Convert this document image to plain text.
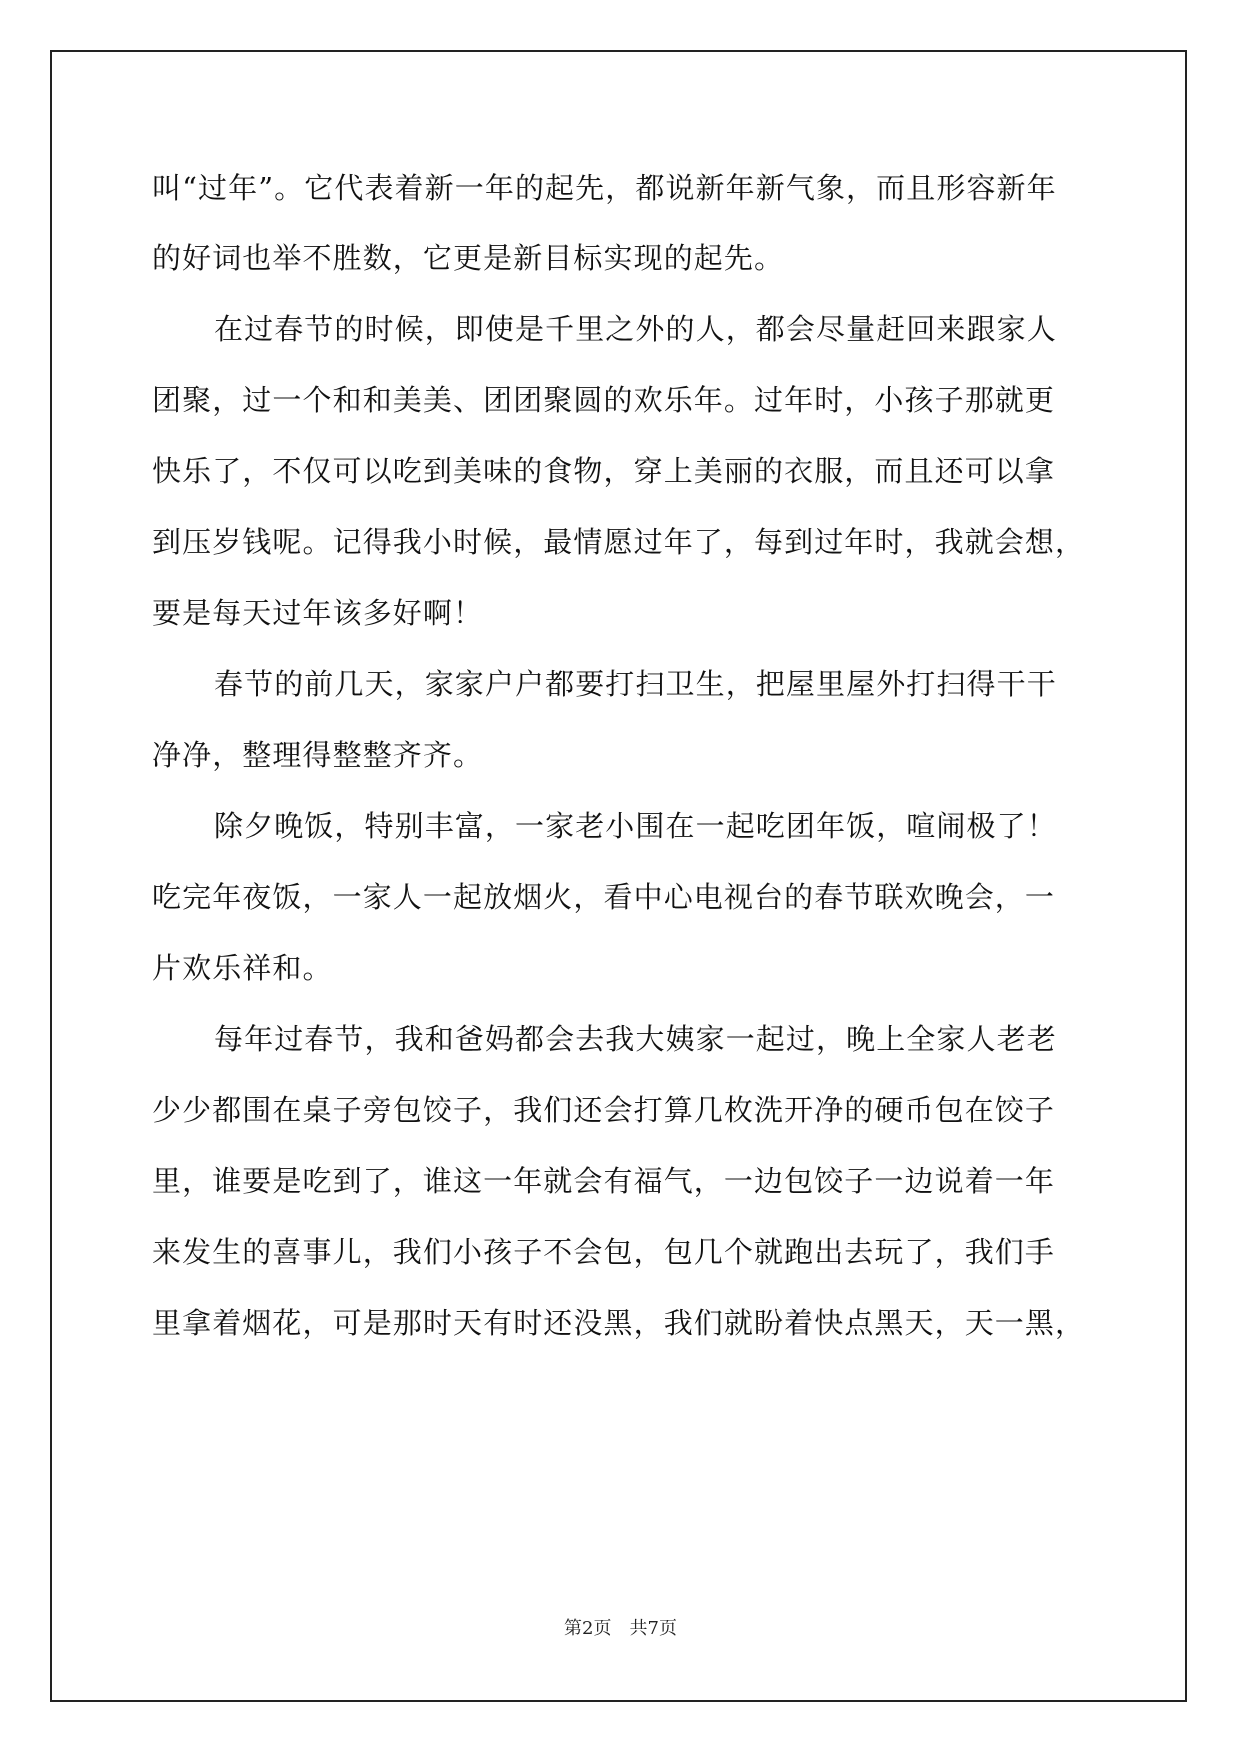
叫“过年”。它代表着新一年的起先，都说新年新气象，而且形容新年
的好词也举不胜数，它更是新目标实现的起先。
在过春节的时候，即使是千里之外的人，都会尽量赶回来跟家人
团聚，过一个和和美美、团团聚圆的欢乐年。过年时，小孩子那就更
快乐了，不仅可以吃到美味的食物，穿上美丽的衣服，而且还可以拿
到压岁钱呢。记得我小时候，最情愿过年了，每到过年时，我就会想，
要是每天过年该多好啊！
春节的前几天，家家户户都要打扫卫生，把屋里屋外打扫得干干
净净，整理得整整齐齐。
除夕晚饭，特别丰富，一家老小围在一起吃团年饭，喧闹极了！
吃完年夜饭，一家人一起放烟火，看中心电视台的春节联欢晚会，一
片欢乐祥和。
每年过春节，我和爸妈都会去我大姨家一起过，晚上全家人老老
少少都围在桌子旁包饺子，我们还会打算几枚洗开净的硬币包在饺子
里，谁要是吃到了，谁这一年就会有福气，一边包饺子一边说着一年
来发生的喜事儿，我们小孩子不会包，包几个就跑出去玩了，我们手
里拿着烟花，可是那时天有时还没黑，我们就盼着快点黑天，天一黑，
第2页 共7页
